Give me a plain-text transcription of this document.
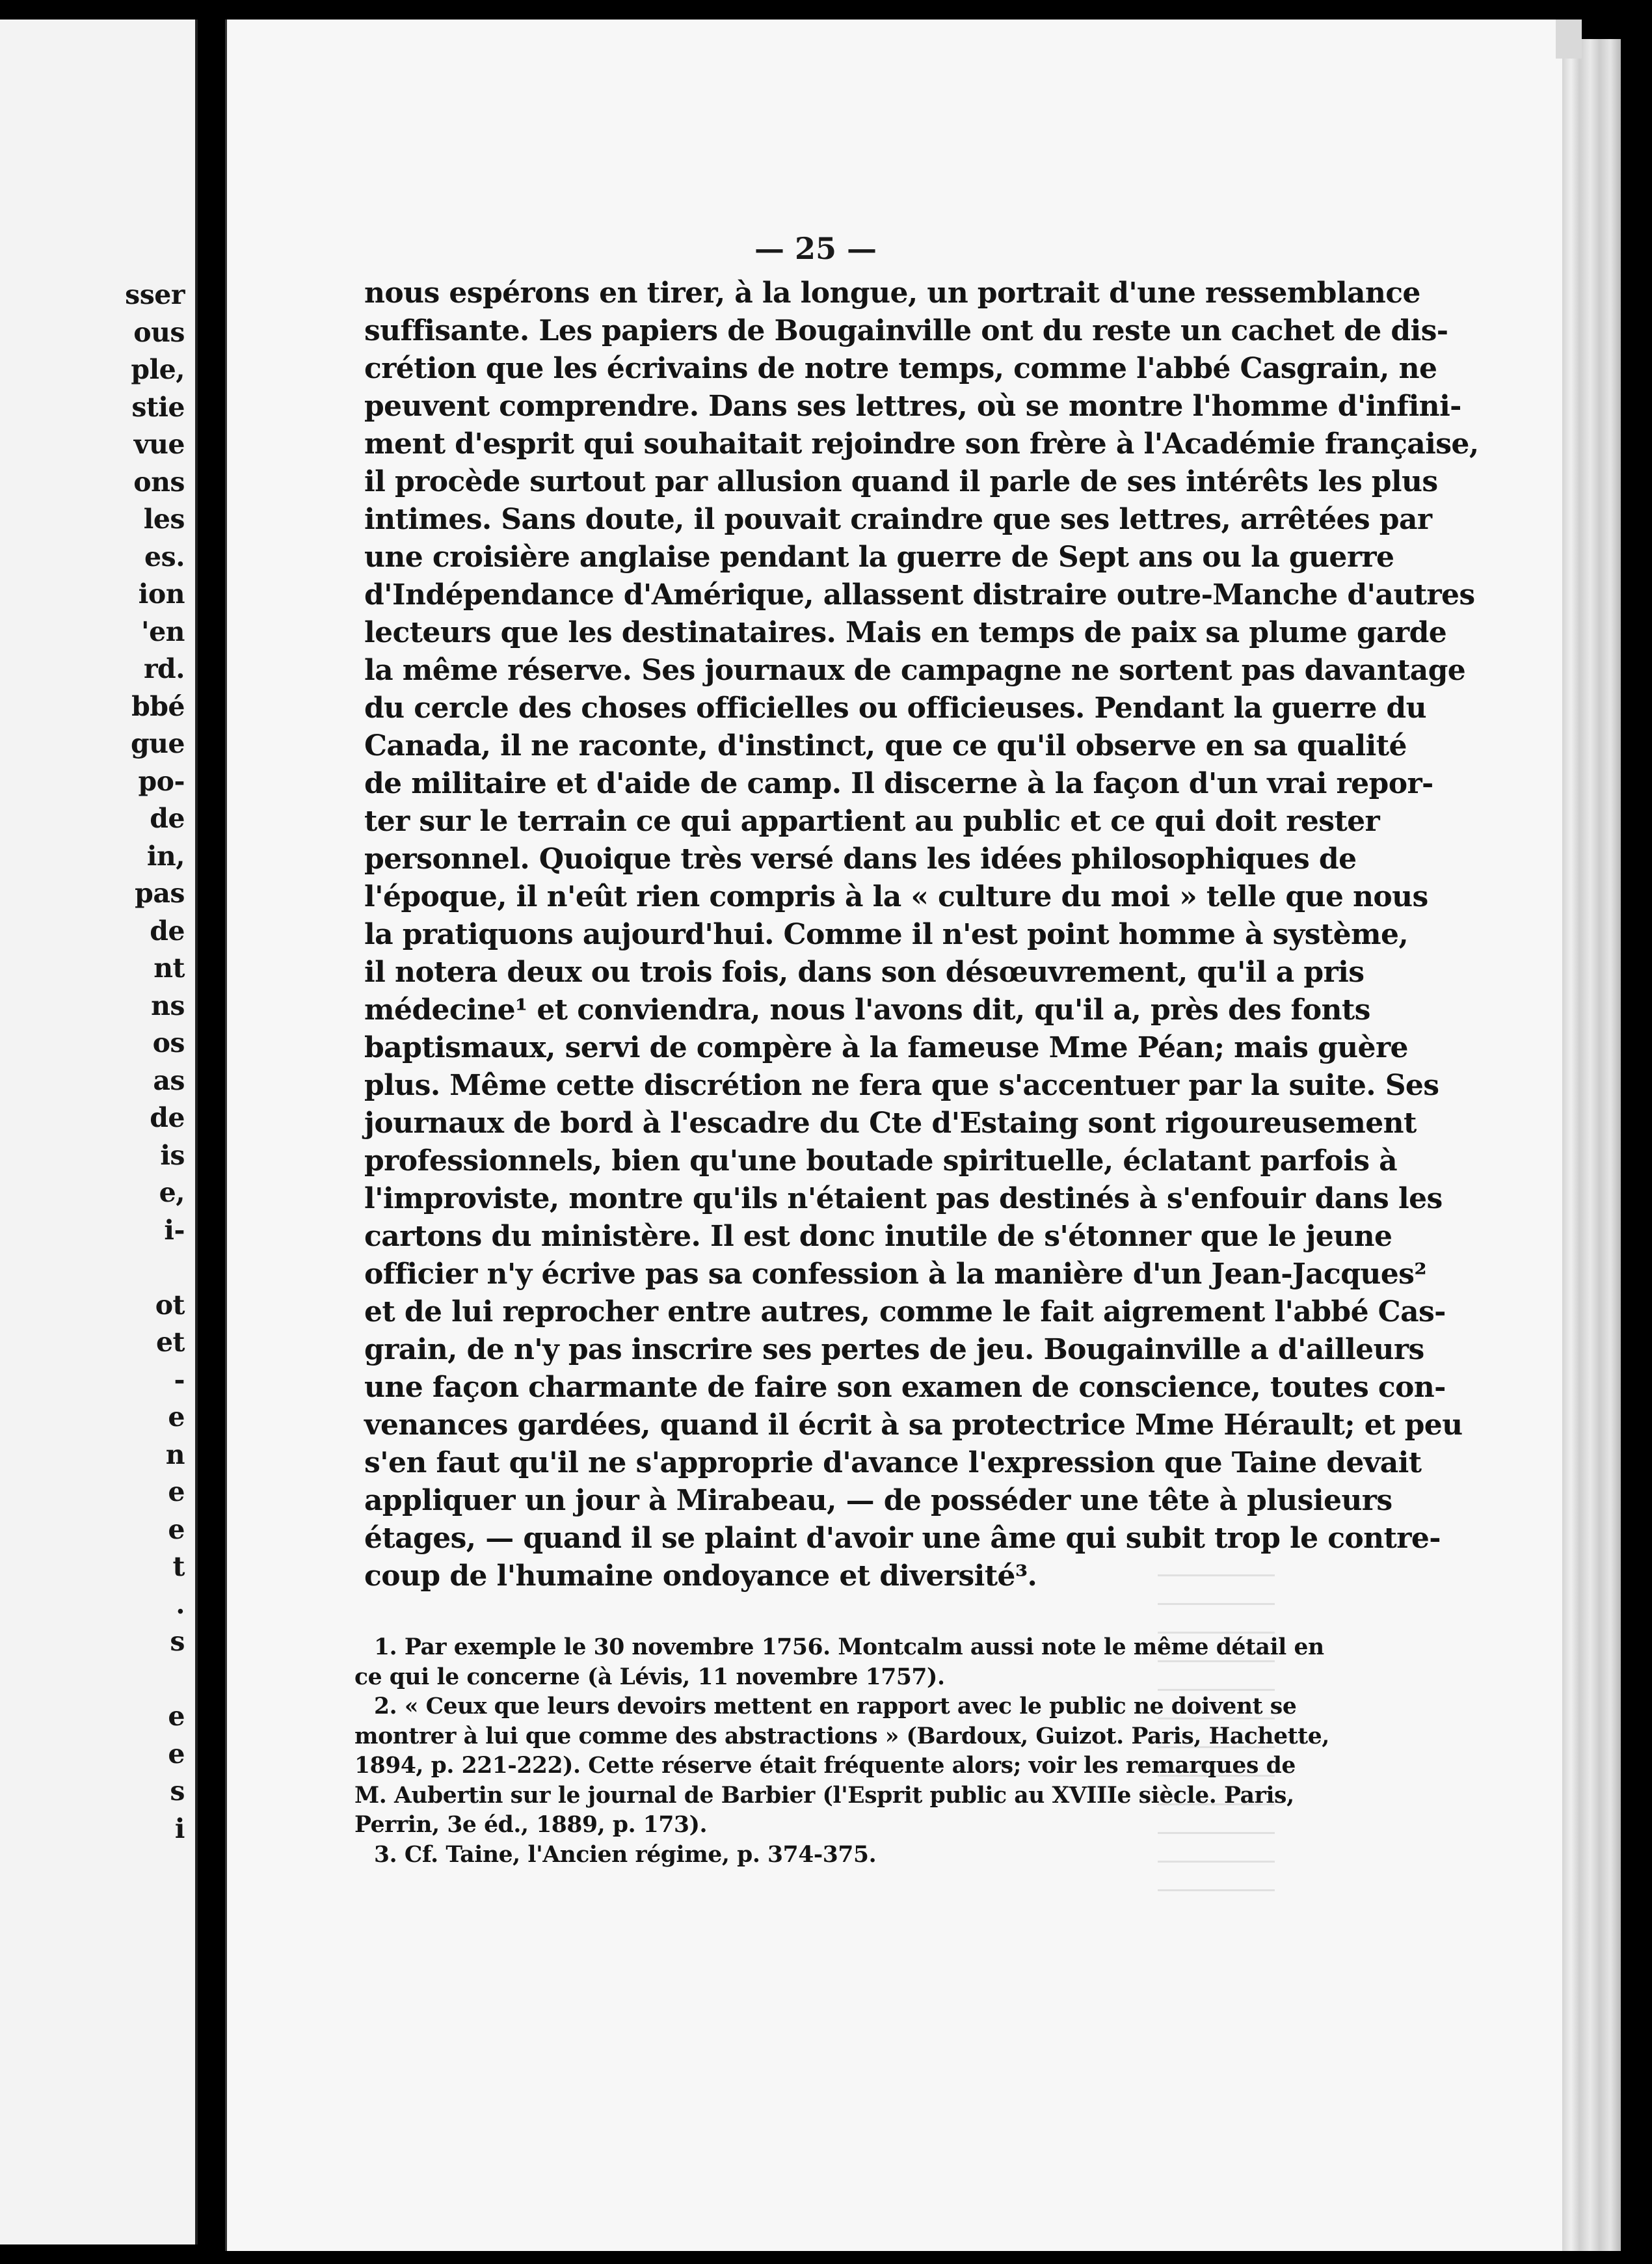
sser
ous
ple,
stie
vue
ons
les
es.
ion
'en
rd.
bbé
gue
po-
de
in,
pas
de
nt
ns
os
as
de
is
e,
i-
ot
et
-
e
n
e
e
t
.
s
e
e
s
i
— 25 —
nous espérons en tirer, à la longue, un portrait d'une ressemblance
suffisante. Les papiers de Bougainville ont du reste un cachet de dis-
crétion que les écrivains de notre temps, comme l'abbé Casgrain, ne
peuvent comprendre. Dans ses lettres, où se montre l'homme d'infini-
ment d'esprit qui souhaitait rejoindre son frère à l'Académie française,
il procède surtout par allusion quand il parle de ses intérêts les plus
intimes. Sans doute, il pouvait craindre que ses lettres, arrêtées par
une croisière anglaise pendant la guerre de Sept ans ou la guerre
d'Indépendance d'Amérique, allassent distraire outre-Manche d'autres
lecteurs que les destinataires. Mais en temps de paix sa plume garde
la même réserve. Ses journaux de campagne ne sortent pas davantage
du cercle des choses officielles ou officieuses. Pendant la guerre du
Canada, il ne raconte, d'instinct, que ce qu'il observe en sa qualité
de militaire et d'aide de camp. Il discerne à la façon d'un vrai repor-
ter sur le terrain ce qui appartient au public et ce qui doit rester
personnel. Quoique très versé dans les idées philosophiques de
l'époque, il n'eût rien compris à la « culture du moi » telle que nous
la pratiquons aujourd'hui. Comme il n'est point homme à système,
il notera deux ou trois fois, dans son désœuvrement, qu'il a pris
médecine¹ et conviendra, nous l'avons dit, qu'il a, près des fonts
baptismaux, servi de compère à la fameuse Mme Péan; mais guère
plus. Même cette discrétion ne fera que s'accentuer par la suite. Ses
journaux de bord à l'escadre du Cte d'Estaing sont rigoureusement
professionnels, bien qu'une boutade spirituelle, éclatant parfois à
l'improviste, montre qu'ils n'étaient pas destinés à s'enfouir dans les
cartons du ministère. Il est donc inutile de s'étonner que le jeune
officier n'y écrive pas sa confession à la manière d'un Jean-Jacques²
et de lui reprocher entre autres, comme le fait aigrement l'abbé Cas-
grain, de n'y pas inscrire ses pertes de jeu. Bougainville a d'ailleurs
une façon charmante de faire son examen de conscience, toutes con-
venances gardées, quand il écrit à sa protectrice Mme Hérault; et peu
s'en faut qu'il ne s'approprie d'avance l'expression que Taine devait
appliquer un jour à Mirabeau, — de posséder une tête à plusieurs
étages, — quand il se plaint d'avoir une âme qui subit trop le contre-
coup de l'humaine ondoyance et diversité³.
1. Par exemple le 30 novembre 1756. Montcalm aussi note le même détail en
ce qui le concerne (à Lévis, 11 novembre 1757).
2. « Ceux que leurs devoirs mettent en rapport avec le public ne doivent se
montrer à lui que comme des abstractions » (Bardoux, Guizot. Paris, Hachette,
1894, p. 221-222). Cette réserve était fréquente alors; voir les remarques de
M. Aubertin sur le journal de Barbier (l'Esprit public au XVIIIe siècle. Paris,
Perrin, 3e éd., 1889, p. 173).
3. Cf. Taine, l'Ancien régime, p. 374-375.
